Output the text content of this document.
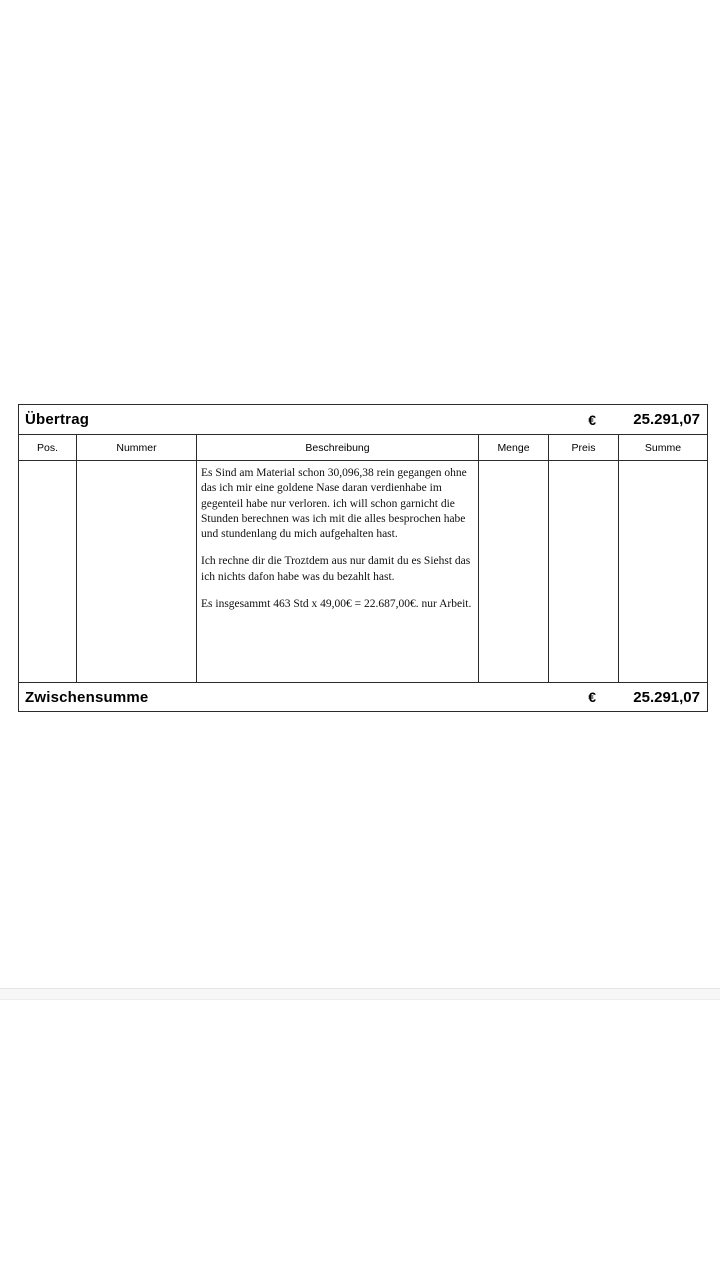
Übertrag	€	25.291,07
Pos.	Nummer	Beschreibung	Menge	Preis	Summe

Es Sind am Material schon 30,096,38 rein gegangen ohne das ich mir eine goldene Nase daran verdienhabe im gegenteil habe nur verloren. ich will schon garnicht die Stunden berechnen was ich mit die alles besprochen habe und stundenlang du mich aufgehalten hast.

Ich rechne dir die Troztdem aus nur damit du es Siehst das ich nichts dafon habe was du bezahlt hast.

Es insgesammt 463 Std x 49,00€ = 22.687,00€. nur Arbeit.

Zwischensumme	€	25.291,07
